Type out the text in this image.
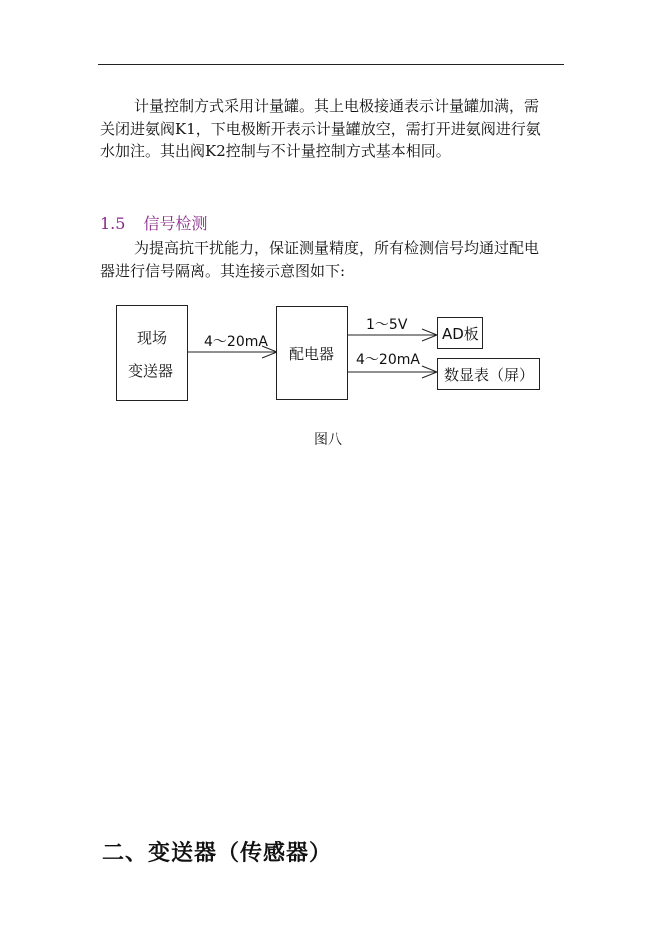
计量控制方式采用计量罐。其上电极接通表示计量罐加满，需关闭进氨阀K1，下电极断开表示计量罐放空，需打开进氨阀进行氨水加注。其出阀K2控制与不计量控制方式基本相同。

1.5 信号检测

为提高抗干扰能力，保证测量精度，所有检测信号均通过配电器进行信号隔离。其连接示意图如下:

现场
变送器
4～20mA
配电器
1～5V
4～20mA
AD板
数显表（屏）
图八
二、变送器（传感器）
